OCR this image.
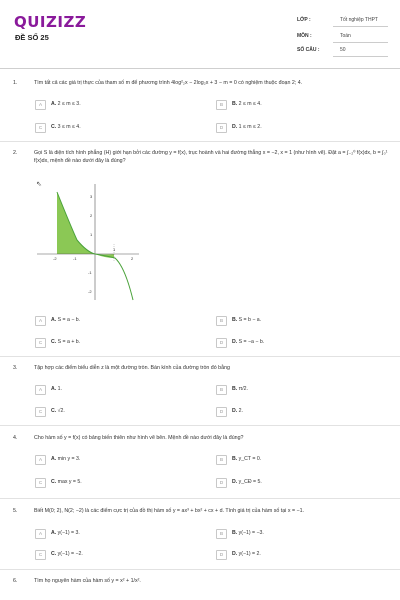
QUIZIZZ
ĐỀ SỐ 25
LỚP :	Tốt nghiệp THPT
MÔN :	Toán
SỐ CÂU :	50
1.	Tìm tất cả các giá trị thực của tham số m để phương trình 4log²₂x − 2log₂x + 3 − m = 0 có nghiệm thuộc đoạn 2; 4.
A	A. 2 ≤ m ≤ 3.	B	B. 2 ≤ m ≤ 4.
C	C. 3 ≤ m ≤ 4.	D	D. 1 ≤ m ≤ 2.
2.	Gọi S là diện tích hình phẳng (H) giới hạn bởi các đường y = f(x), trục hoành và hai đường thẳng x = −2, x = 1 (như hình vẽ). Đặt a = ∫₋₂⁰ f(x)dx, b = ∫₀¹ f(x)dx, mệnh đề nào dưới đây là đúng?
⇖
-2	-1
1
2
3
2
1
-1
-2
A	A. S = a − b.	B	B. S = b − a.
C	C. S = a + b.	D	D. S = −a − b.
3.	Tập hợp các điểm biểu diễn z là một đường tròn. Bán kính của đường tròn đó bằng
A	A. 1.	B	B. π/2.
C	C. √2.	D	D. 2.
4.	Cho hàm số y = f(x) có bảng biến thiên như hình vẽ bên. Mệnh đề nào dưới đây là đúng?
A	A. min y = 3.	B	B. y_CT = 0.
C	C. max y = 5.	D	D. y_CĐ = 5.
5.	Biết M(0; 2), N(2; −2) là các điểm cực trị của đồ thị hàm số y = ax³ + bx² + cx + d. Tính giá trị của hàm số tại x = −1.
A	A. y(−1) = 3.	B	B. y(−1) = −3.
C	C. y(−1) = −2.	D	D. y(−1) = 2.
6.	Tìm họ nguyên hàm của hàm số y = x² + 1/x².
